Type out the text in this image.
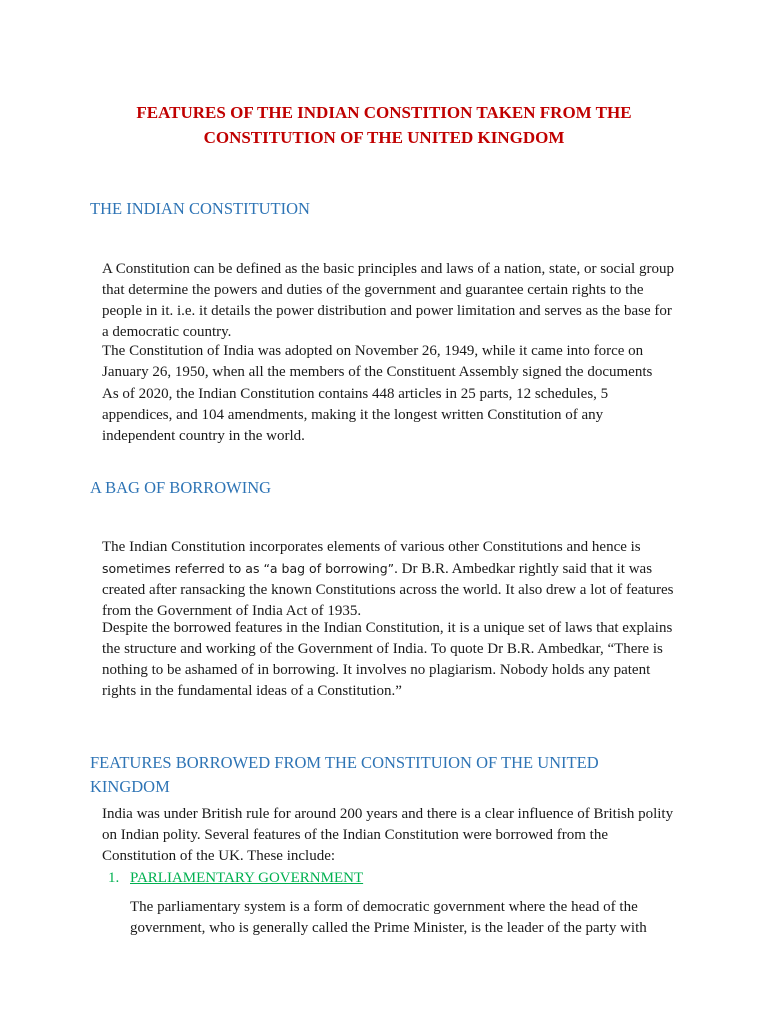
FEATURES OF THE INDIAN CONSTITION TAKEN FROM THE
CONSTITUTION OF THE UNITED KINGDOM
THE INDIAN CONSTITUTION

A Constitution can be defined as the basic principles and laws of a nation, state, or social group that determine the powers and duties of the government and guarantee certain rights to the people in it. i.e. it details the power distribution and power limitation and serves as the base for a democratic country.

The Constitution of India was adopted on November 26, 1949, while it came into force on January 26, 1950, when all the members of the Constituent Assembly signed the documents

As of 2020, the Indian Constitution contains 448 articles in 25 parts, 12 schedules, 5 appendices, and 104 amendments, making it the longest written Constitution of any independent country in the world.

A BAG OF BORROWING

The Indian Constitution incorporates elements of various other Constitutions and hence is sometimes referred to as “a bag of borrowing”. Dr B.R. Ambedkar rightly said that it was created after ransacking the known Constitutions across the world. It also drew a lot of features from the Government of India Act of 1935.

Despite the borrowed features in the Indian Constitution, it is a unique set of laws that explains the structure and working of the Government of India. To quote Dr B.R. Ambedkar, “There is nothing to be ashamed of in borrowing. It involves no plagiarism. Nobody holds any patent rights in the fundamental ideas of a Constitution.”

FEATURES BORROWED FROM THE CONSTITUION OF THE UNITED KINGDOM

India was under British rule for around 200 years and there is a clear influence of British polity on Indian polity. Several features of the Indian Constitution were borrowed from the Constitution of the UK. These include:

1. PARLIAMENTARY GOVERNMENT

The parliamentary system is a form of democratic government where the head of the government, who is generally called the Prime Minister, is the leader of the party with
